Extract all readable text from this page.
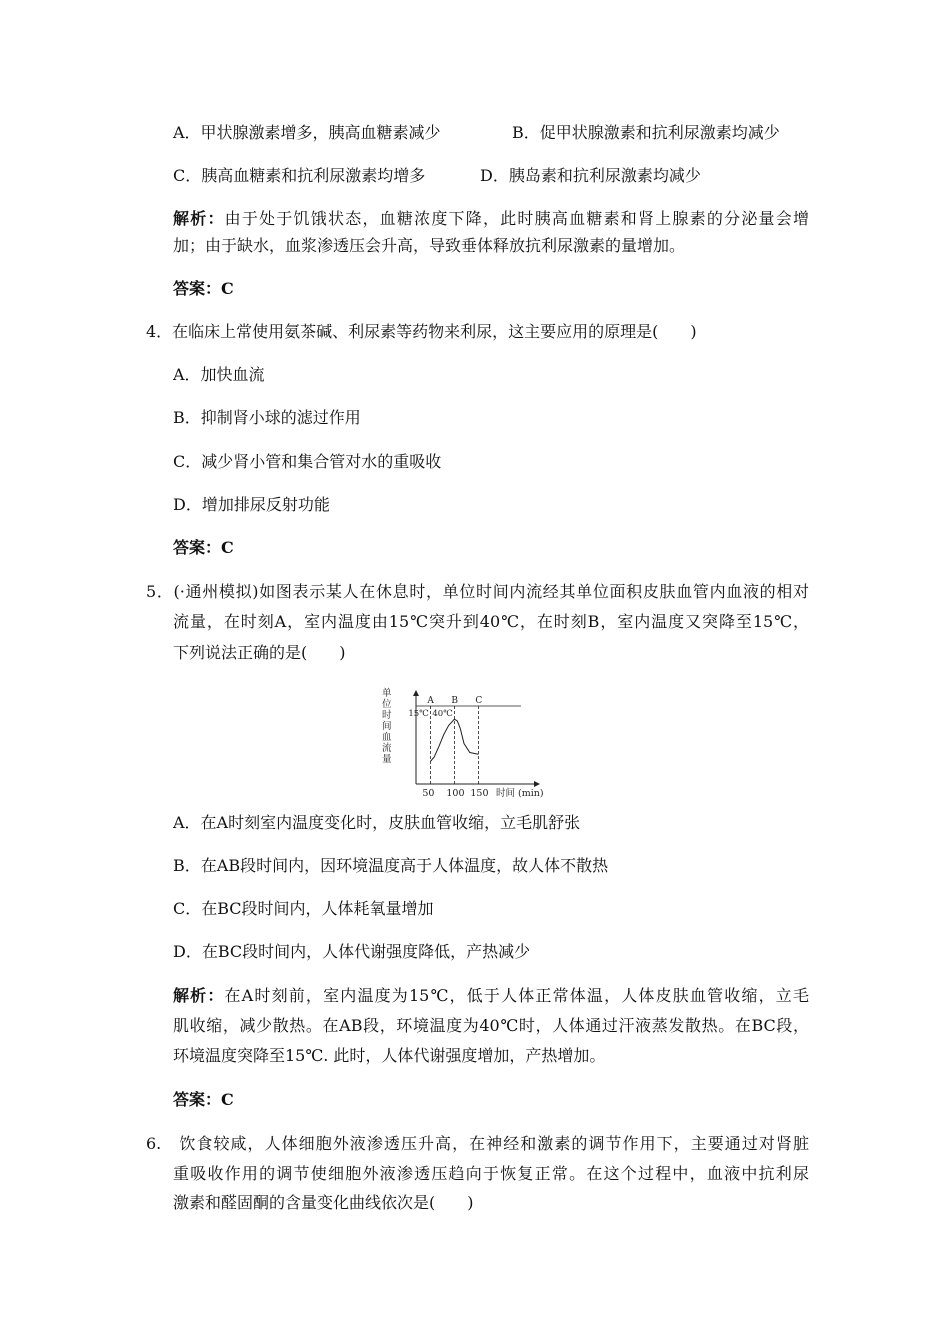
A．甲状腺激素增多，胰高血糖素减少	B．促甲状腺激素和抗利尿激素均减少
C．胰高血糖素和抗利尿激素均增多	D．胰岛素和抗利尿激素均减少
解析：由于处于饥饿状态，血糖浓度下降，此时胰高血糖素和肾上腺素的分泌量会增
加；由于缺水，血浆渗透压会升高，导致垂体释放抗利尿激素的量增加。
答案：C
4．在临床上常使用氨茶碱、利尿素等药物来利尿，这主要应用的原理是(　　)
A．加快血流
B．抑制肾小球的滤过作用
C．减少肾小管和集合管对水的重吸收
D．增加排尿反射功能
答案：C
5．(·通州模拟)如图表示某人在休息时，单位时间内流经其单位面积皮肤血管内血液的相对
流量，在时刻A，室内温度由15℃突升到40℃，在时刻B，室内温度又突降至15℃，
下列说法正确的是(　　)
单
位
时
间
血
流
量
A
15℃
B
40℃
C
50 100 150 时间 (min)
A．在A时刻室内温度变化时，皮肤血管收缩，立毛肌舒张
B．在AB段时间内，因环境温度高于人体温度，故人体不散热
C．在BC段时间内，人体耗氧量增加
D．在BC段时间内，人体代谢强度降低，产热减少
解析：在A时刻前，室内温度为15℃，低于人体正常体温，人体皮肤血管收缩，立毛
肌收缩，减少散热。在AB段，环境温度为40℃时，人体通过汗液蒸发散热。在BC段，
环境温度突降至15℃. 此时，人体代谢强度增加，产热增加。
答案：C
6.　饮食较咸，人体细胞外液渗透压升高，在神经和激素的调节作用下，主要通过对肾脏
重吸收作用的调节使细胞外液渗透压趋向于恢复正常。在这个过程中，血液中抗利尿
激素和醛固酮的含量变化曲线依次是(　　)
